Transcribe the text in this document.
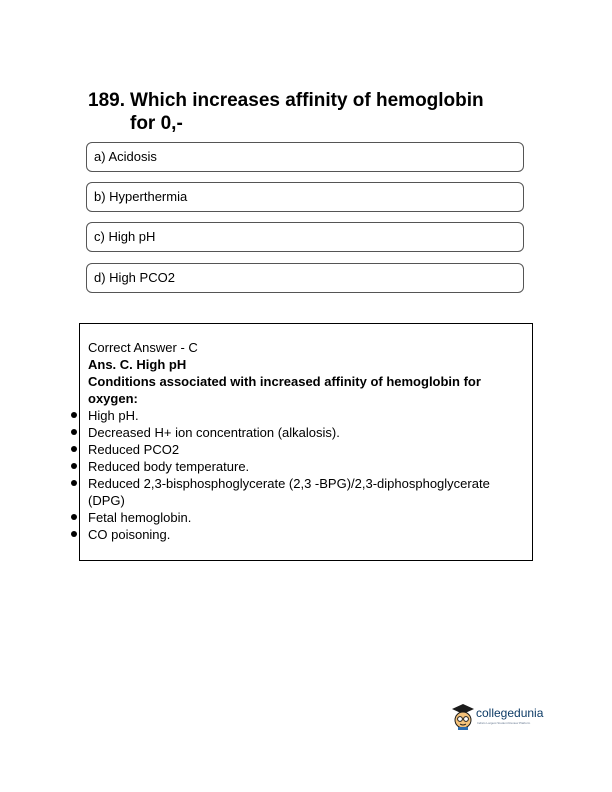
189. Which increases affinity of hemoglobin
for 0,-
a) Acidosis
b) Hyperthermia
c) High pH
d) High PCO2
Correct Answer - C
Ans. C. High pH
Conditions associated with increased affinity of hemoglobin for oxygen:
High pH.
Decreased H+ ion concentration (alkalosis).
Reduced PCO2
Reduced body temperature.
Reduced 2,3-bisphosphoglycerate (2,3 -BPG)/2,3-diphosphoglycerate (DPG)
Fetal hemoglobin.
CO poisoning.
collegedunia
India's Largest Student Review Platform
